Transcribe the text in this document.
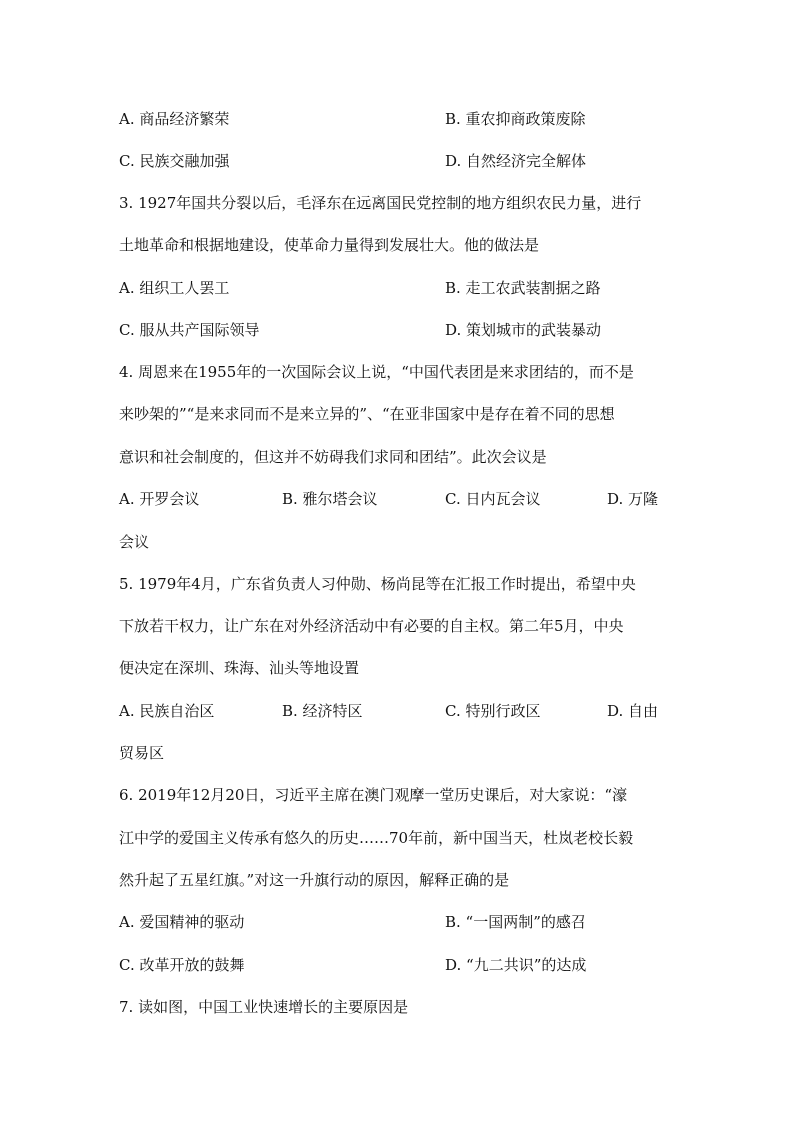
A. 商品经济繁荣	B. 重农抑商政策废除
C. 民族交融加强	D. 自然经济完全解体
3. 1927年国共分裂以后，毛泽东在远离国民党控制的地方组织农民力量，进行
土地革命和根据地建设，使革命力量得到发展壮大。他的做法是
A. 组织工人罢工	B. 走工农武装割据之路
C. 服从共产国际领导	D. 策划城市的武装暴动
4. 周恩来在1955年的一次国际会议上说，“中国代表团是来求团结的，而不是
来吵架的”“是来求同而不是来立异的”、“在亚非国家中是存在着不同的思想
意识和社会制度的，但这并不妨碍我们求同和团结”。此次会议是
A. 开罗会议	B. 雅尔塔会议	C. 日内瓦会议	D. 万隆
会议
5. 1979年4月，广东省负责人习仲勋、杨尚昆等在汇报工作时提出，希望中央
下放若干权力，让广东在对外经济活动中有必要的自主权。第二年5月，中央
便决定在深圳、珠海、汕头等地设置
A. 民族自治区	B. 经济特区	C. 特别行政区	D. 自由
贸易区
6. 2019年12月20日，习近平主席在澳门观摩一堂历史课后，对大家说：“濠
江中学的爱国主义传承有悠久的历史……70年前，新中国当天，杜岚老校长毅
然升起了五星红旗。”对这一升旗行动的原因，解释正确的是
A. 爱国精神的驱动	B. “一国两制”的感召
C. 改革开放的鼓舞	D. “九二共识”的达成
7. 读如图，中国工业快速增长的主要原因是
